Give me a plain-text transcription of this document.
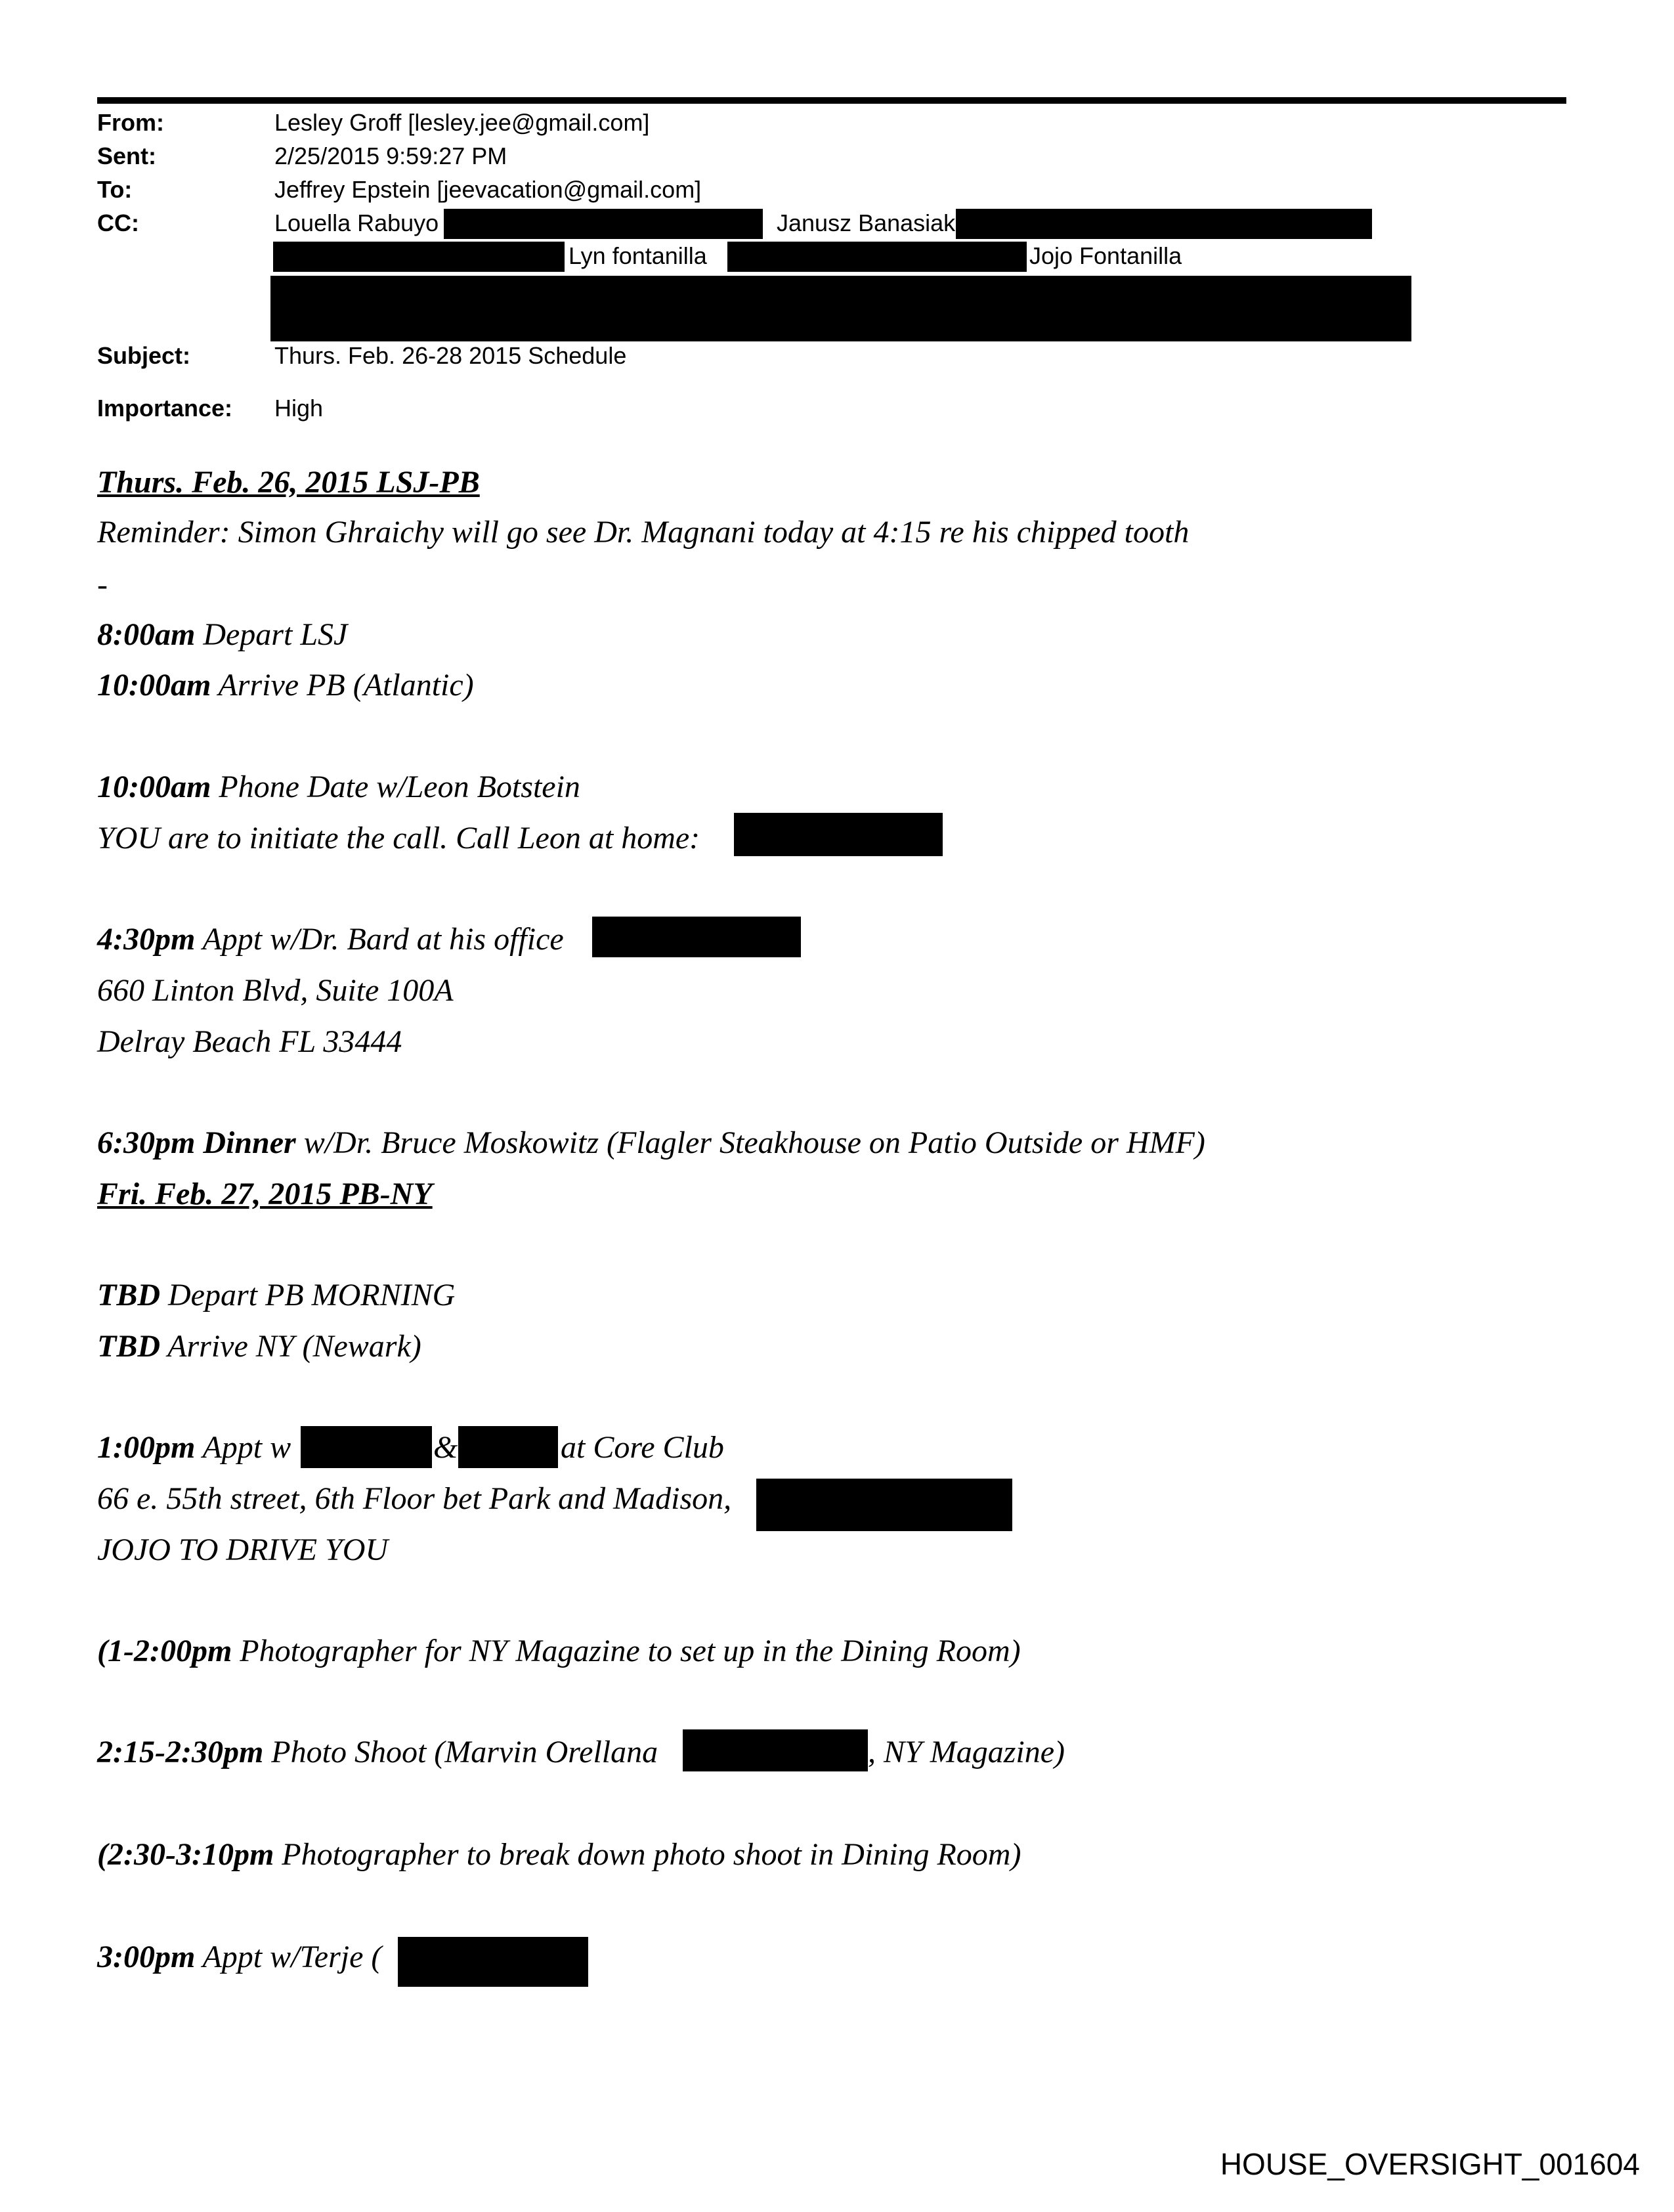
From:	Lesley Groff [lesley.jee@gmail.com]
Sent:	2/25/2015 9:59:27 PM
To:	Jeffrey Epstein [jeevacation@gmail.com]
CC:	Louella Rabuyo	; Janusz Banasiak
Lyn fontanilla	Jojo Fontanilla
Subject:	Thurs. Feb. 26-28 2015 Schedule
Importance: High
Thurs. Feb. 26, 2015 LSJ-PB
Reminder: Simon Ghraichy will go see Dr. Magnani today at 4:15 re his chipped tooth
-
8:00am Depart LSJ
10:00am Arrive PB (Atlantic)
10:00am Phone Date w/Leon Botstein
YOU are to initiate the call. Call Leon at home:
4:30pm Appt w/Dr. Bard at his office
660 Linton Blvd, Suite 100A
Delray Beach FL 33444
6:30pm Dinner w/Dr. Bruce Moskowitz (Flagler Steakhouse on Patio Outside or HMF)
Fri. Feb. 27, 2015 PB-NY
TBD Depart PB MORNING
TBD Arrive NY (Newark)
1:00pm Appt w	&	at Core Club
66 e. 55th street, 6th Floor bet Park and Madison,
JOJO TO DRIVE YOU
(1-2:00pm Photographer for NY Magazine to set up in the Dining Room)
2:15-2:30pm Photo Shoot (Marvin Orellana	, NY Magazine)
(2:30-3:10pm Photographer to break down photo shoot in Dining Room)
3:00pm Appt w/Terje (
HOUSE_OVERSIGHT_001604
